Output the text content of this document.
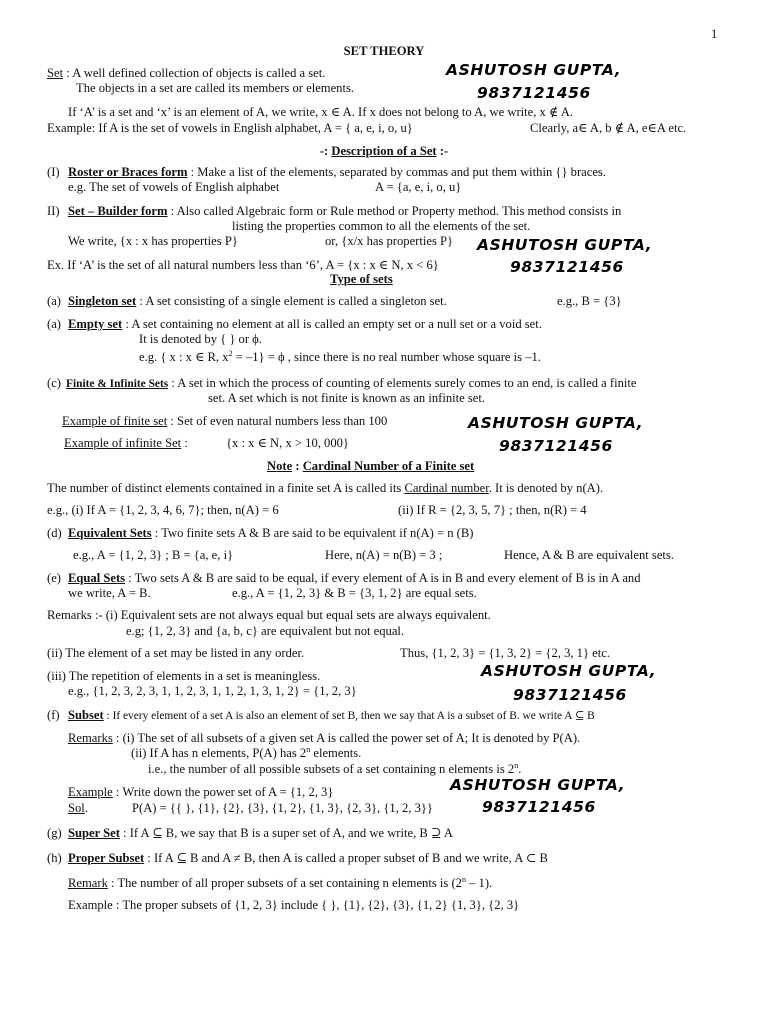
1
SET THEORY
ASHUTOSH GUPTA,
9837121456
ASHUTOSH GUPTA,
9837121456
ASHUTOSH GUPTA,
9837121456
ASHUTOSH GUPTA,
9837121456
ASHUTOSH GUPTA,
9837121456
Set : A well defined collection of objects is called a set.
The objects in a set are called its members or elements.
If ‘A’ is a set and ‘x’ is an element of A, we write, x ∈ A. If x does not belong to A, we write, x ∉ A.
Example: If A is the set of vowels in English alphabet, A = { a, e, i, o, u}	Clearly, a∈ A, b ∉ A, e∈A etc.
-: Description of a Set :-
(I) Roster or Braces form : Make a list of the elements, separated by commas and put them within {} braces.
e.g. The set of vowels of English alphabet	A = {a, e, i, o, u}
II) Set – Builder form : Also called Algebraic form or Rule method or Property method. This method consists in
listing the properties common to all the elements of the set.
We write, {x : x has properties P}	or, {x/x has properties P}
Ex. If ‘A’ is the set of all natural numbers less than ‘6’, A = {x : x ∈ N, x < 6}
Type of sets
(a) Singleton set : A set consisting of a single element is called a singleton set.	e.g., B = {3}
(a) Empty set : A set containing no element at all is called an empty set or a null set or a void set.
It is denoted by { } or ϕ.
e.g. { x : x ∈ R, $x^2 = -1\} = \phi$ , since there is no real number whose square is –1.
(c) Finite & Infinite Sets : A set in which the process of counting of elements surely comes to an end, is called a finite
set. A set which is not finite is known as an infinite set.
Example of finite set : Set of even natural numbers less than 100
Example of infinite Set :	{x : x ∈ N, x > 10, 000}
Note : Cardinal Number of a Finite set
The number of distinct elements contained in a finite set A is called its Cardinal number. It is denoted by n(A).
e.g., (i) If A = {1, 2, 3, 4, 6, 7}; then, n(A) = 6	(ii) If R = {2, 3, 5, 7} ; then, n(R) = 4
(d) Equivalent Sets : Two finite sets A & B are said to be equivalent if n(A) = n (B)
e.g., A = {1, 2, 3} ; B = {a, e, i}	Here, n(A) = n(B) = 3 ;	Hence, A & B are equivalent sets.
(e) Equal Sets : Two sets A & B are said to be equal, if every element of A is in B and every element of B is in A and
we write, A = B.	e.g., A = {1, 2, 3} & B = {3, 1, 2} are equal sets.
Remarks :- (i) Equivalent sets are not always equal but equal sets are always equivalent.
e.g; {1, 2, 3} and {a, b, c} are equivalent but not equal.
(ii) The element of a set may be listed in any order.	Thus, {1, 2, 3} = {1, 3, 2} = {2, 3, 1} etc.
(iii) The repetition of elements in a set is meaningless.
e.g., {1, 2, 3, 2, 3, 1, 1, 2, 3, 1, 1, 2, 1, 3, 1, 2} = {1, 2, 3}
(f) Subset : If every element of a set A is also an element of set B, then we say that A is a subset of B. we write A ⊆ B
Remarks : (i) The set of all subsets of a given set A is called the power set of A; It is denoted by P(A).
(ii) If A has n elements, P(A) has 2$^n$ elements.
i.e., the number of all possible subsets of a set containing n elements is 2$^n$.
Example : Write down the power set of A = {1, 2, 3}
Sol.	P(A) = {{ }, {1}, {2}, {3}, {1, 2}, {1, 3}, {2, 3}, {1, 2, 3}}
(g) Super Set : If A ⊆ B, we say that B is a super set of A, and we write, B ⊇ A
(h) Proper Subset : If A ⊆ B and A ≠ B, then A is called a proper subset of B and we write, A ⊂ B
Remark : The number of all proper subsets of a set containing n elements is (2$^n$ – 1).
Example : The proper subsets of {1, 2, 3} include { }, {1}, {2}, {3}, {1, 2} {1, 3}, {2, 3}
